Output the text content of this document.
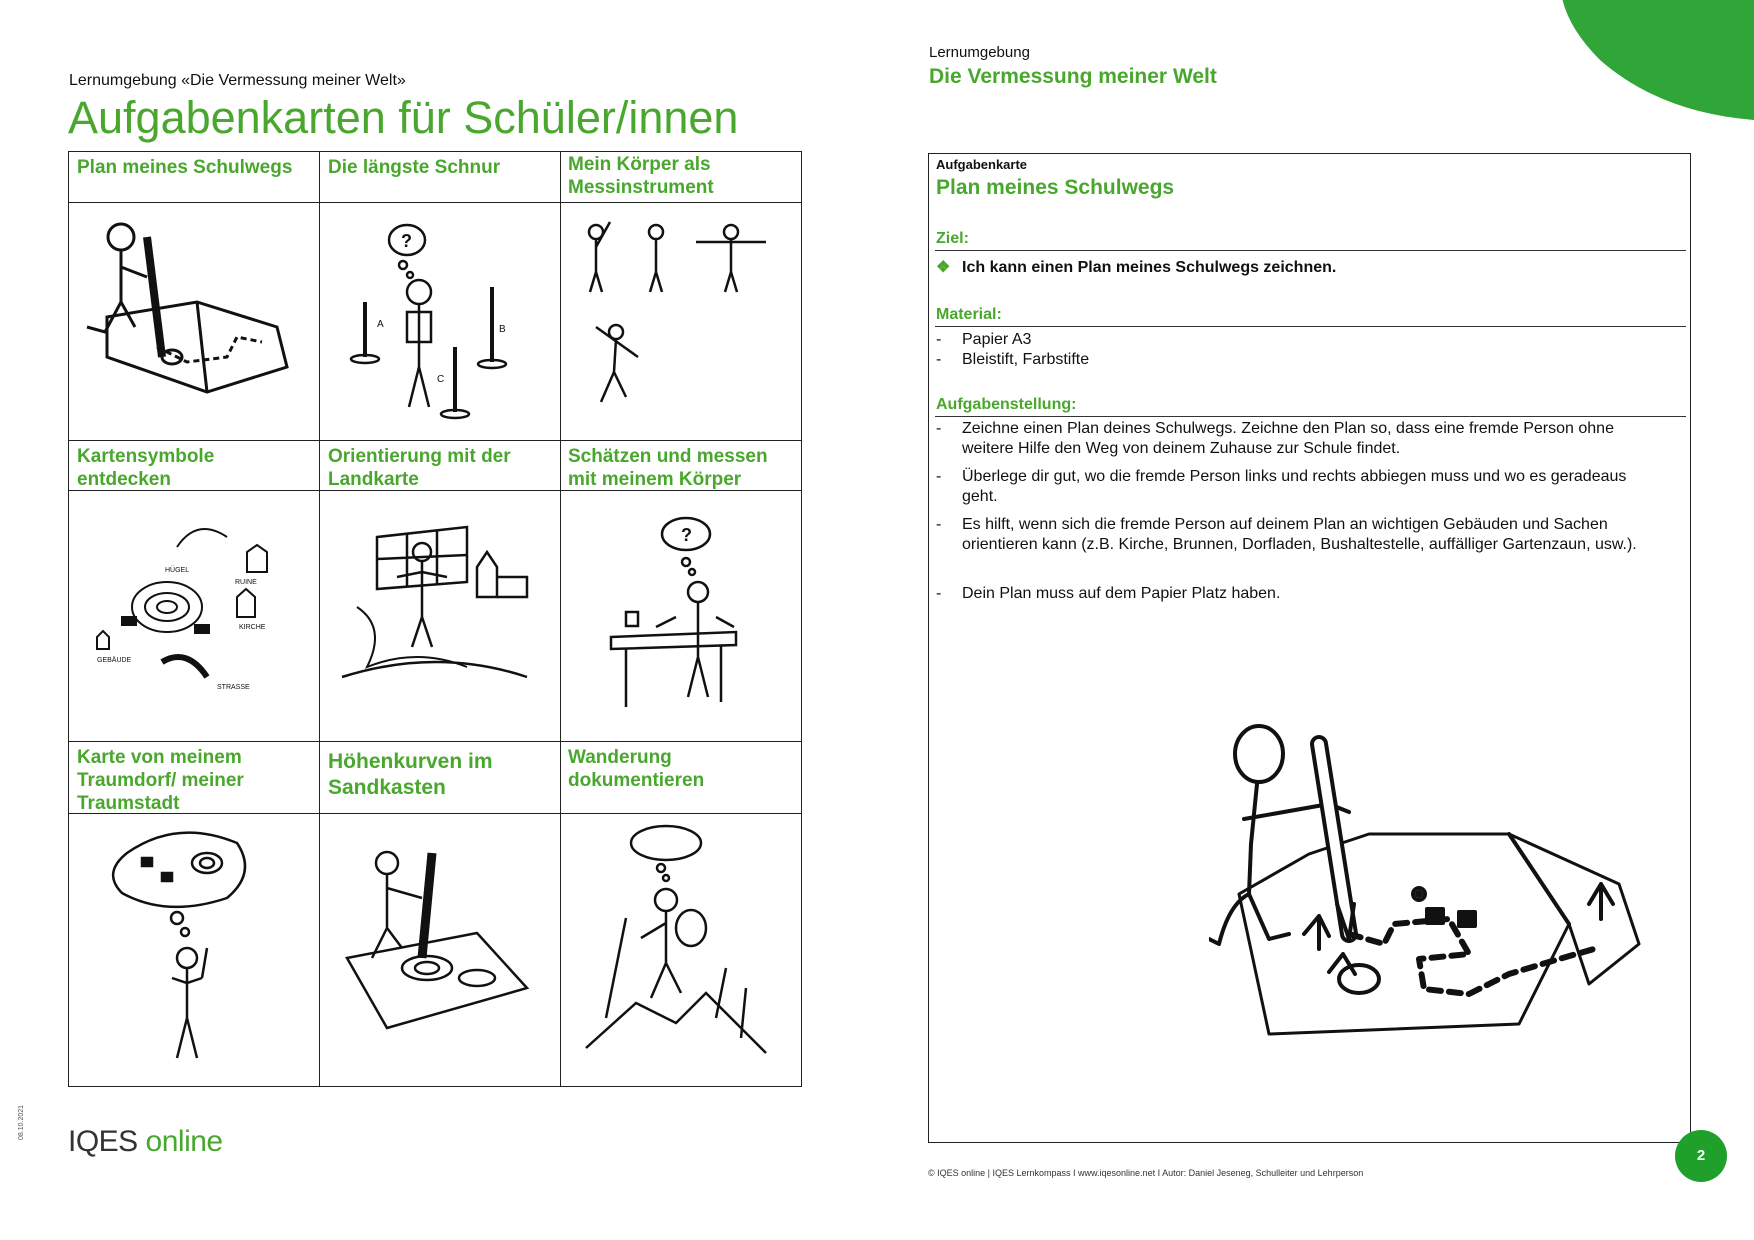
Lernumgebung «Die Vermessung meiner Welt»
Aufgabenkarten für Schüler/innen
Plan meines Schulwegs	Die längste Schnur	Mein Körper als Messinstrument
?
A	B
C
Kartensymbole entdecken
Orientierung mit der Landkarte
Schätzen und messen mit meinem Körper
HÜGEL
RUINE
KIRCHE
GEBÄUDE
STRASSE
?
Karte von meinem Traumdorf/ meiner Traumstadt
Höhenkurven im Sandkasten
Wanderung dokumentieren
IQES online
08.10.2021
Lernumgebung
Die Vermessung meiner Welt
Aufgabenkarte
Plan meines Schulwegs
Ziel:
❖ Ich kann einen Plan meines Schulwegs zeichnen.
Material:
- Papier A3
- Bleistift, Farbstifte
Aufgabenstellung:
- Zeichne einen Plan deines Schulwegs. Zeichne den Plan so, dass eine fremde Person ohne weitere Hilfe den Weg von deinem Zuhause zur Schule findet.
- Überlege dir gut, wo die fremde Person links und rechts abbiegen muss und wo es geradeaus geht.
- Es hilft, wenn sich die fremde Person auf deinem Plan an wichtigen Gebäuden und Sachen orientieren kann (z.B. Kirche, Brunnen, Dorfladen, Bushaltestelle, auffälliger Gartenzaun, usw.).
- Dein Plan muss auf dem Papier Platz haben.
2
© IQES online | IQES Lernkompass I www.iqesonline.net I Autor: Daniel Jeseneg, Schulleiter und Lehrperson
